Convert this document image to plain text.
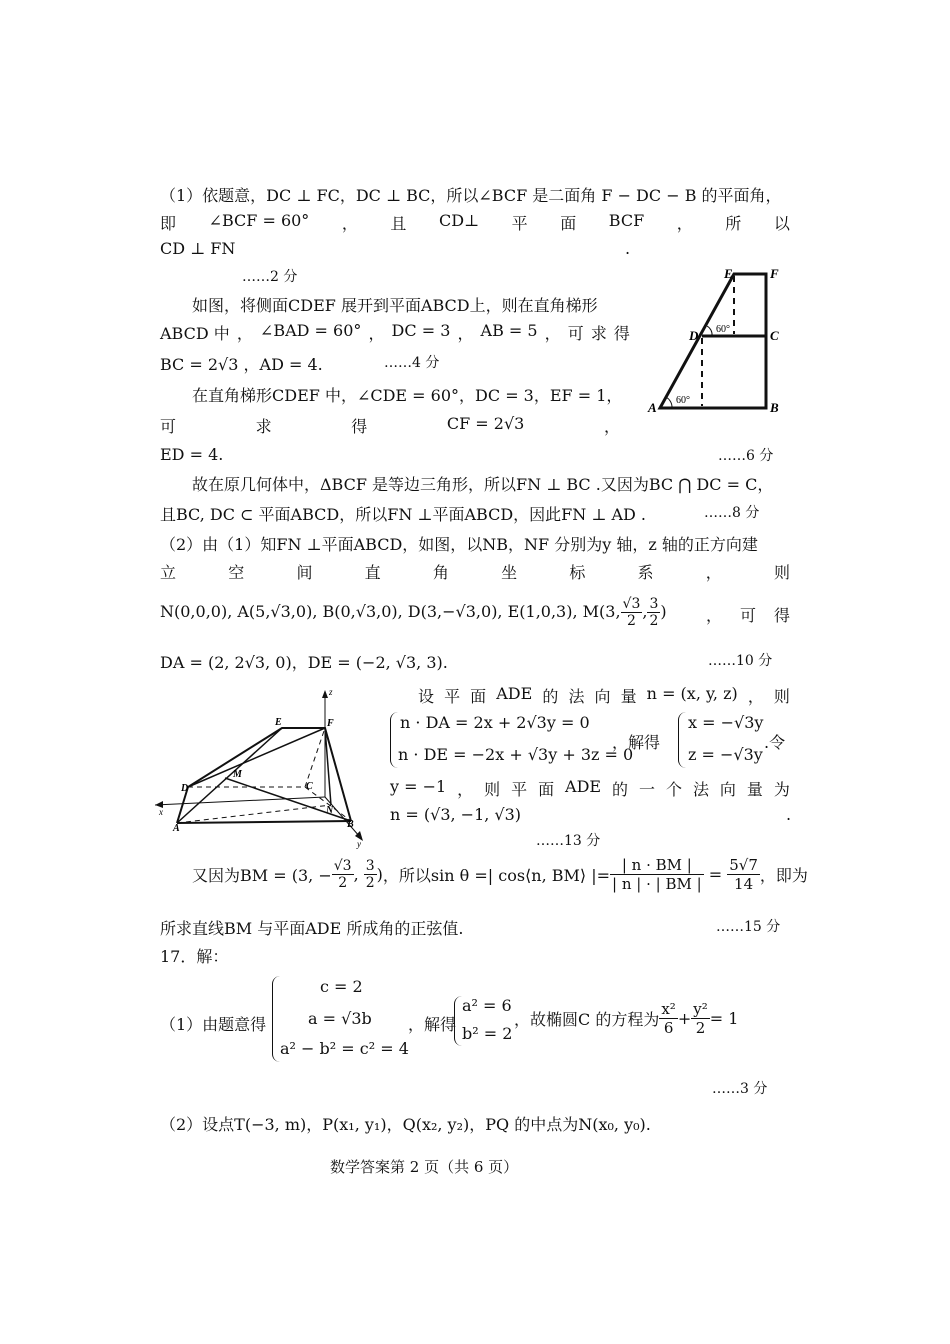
（1）依题意，DC ⊥ FC，DC ⊥ BC，所以∠BCF 是二面角 F − DC − B 的平面角，
即 ∠BCF = 60° ， 且 CD⊥ 平 面 BCF ， 所 以
CD ⊥ FN	.
……2 分
如图，将侧面CDEF 展开到平面ABCD上，则在直角梯形
ABCD 中 ， ∠BAD = 60° ， DC = 3 ， AB = 5 ， 可 求 得
BC = 2√3 ，AD = 4.	……4 分
在直角梯形CDEF 中，∠CDE = 60°，DC = 3，EF = 1，
可	求	得	CF = 2√3	，
ED = 4.	……6 分
E	F
D	C
A	B
60°
60°
故在原几何体中，ΔBCF 是等边三角形，所以FN ⊥ BC .又因为BC ⋂ DC = C，
且BC, DC ⊂ 平面ABCD，所以FN ⊥平面ABCD，因此FN ⊥ AD .	……8 分
（2）由（1）知FN ⊥平面ABCD，如图，以NB，NF 分别为y 轴，z 轴的正方向建
立	空	间	直	角	坐	标	系	，	则
N(0,0,0), A(5,√3,0), B(0,√3,0), D(3,−√3,0), E(1,0,3), M(3, $\frac{√3}{2}$ , $\frac{3}{2}$ ) ， 可 得
DA = (2, 2√3, 0)，DE = (−2, √3, 3).	……10 分
z
E	F
M
D	C
N
A	B
x
y
设 平 面 ADE 的 法 向 量 n = (x, y, z) ， 则
n · DA = 2x + 2√3y = 0
n · DE = −2x + √3y + 3z = 0
，解得
x = −√3y
z = −√3y
.令
y = −1 ， 则 平 面 ADE 的 一 个 法 向 量 为
n = (√3, −1, √3)	.
……13 分
又因为BM = (3, − $\frac{√3}{2}$ , $\frac{3}{2}$ ) ，所以sin θ =| cos⟨n, BM⟩ |= $\frac{| n \cdot BM |}{| n | \cdot | BM |} = \frac{5√7}{14}$ ，即为
所求直线BM 与平面ADE 所成角的正弦值.	……15 分
17．解：
（1）由题意得
c = 2
a = √3b
a² − b² = c² = 4
，解得
a² = 6
b² = 2
，故椭圆C 的方程为 $\frac{\text{x²}}{6} + \frac{\text{y²}}{2} = 1$
……3 分
（2）设点T(−3, m)，P(x₁, y₁)，Q(x₂, y₂)，PQ 的中点为N(x₀, y₀).
数学答案第 2 页（共 6 页）
